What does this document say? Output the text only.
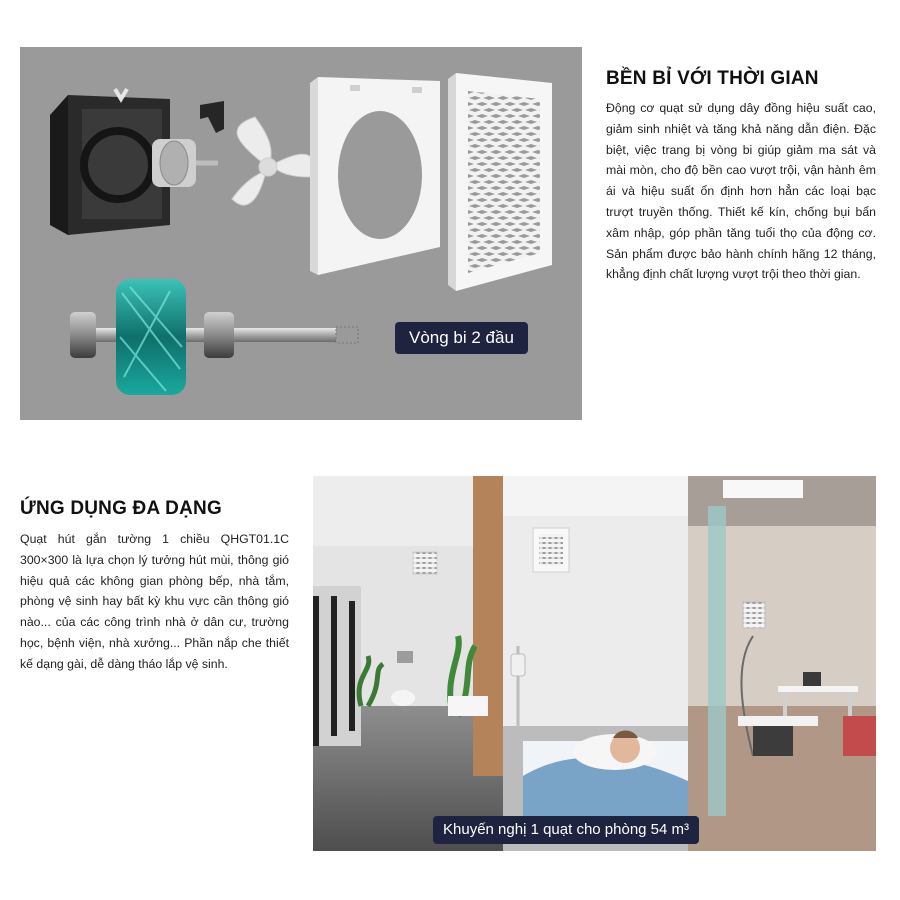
Vòng bi 2 đầu
BỀN BỈ VỚI THỜI GIAN

Động cơ quạt sử dụng dây đồng hiệu suất cao, giảm sinh nhiệt và tăng khả năng dẫn điện. Đặc biệt, việc trang bị vòng bi giúp giảm ma sát và mài mòn, cho độ bền cao vượt trội, vận hành êm ái và hiệu suất ổn định hơn hẳn các loại bạc trượt truyền thống. Thiết kế kín, chống bụi bẩn xâm nhập, góp phần tăng tuổi thọ của động cơ. Sản phẩm được bảo hành chính hãng 12 tháng, khẳng định chất lượng vượt trội theo thời gian.

ỨNG DỤNG ĐA DẠNG

Quạt hút gắn tường 1 chiều QHGT01.1C 300×300 là lựa chọn lý tưởng hút mùi, thông gió hiệu quả các không gian phòng bếp, nhà tắm, phòng vệ sinh hay bất kỳ khu vực cần thông gió nào... của các công trình nhà ở dân cư, trường học, bệnh viện, nhà xưởng... Phần nắp che thiết kế dạng gài, dễ dàng tháo lắp vệ sinh.

Khuyến nghị 1 quạt cho phòng 54 m³
